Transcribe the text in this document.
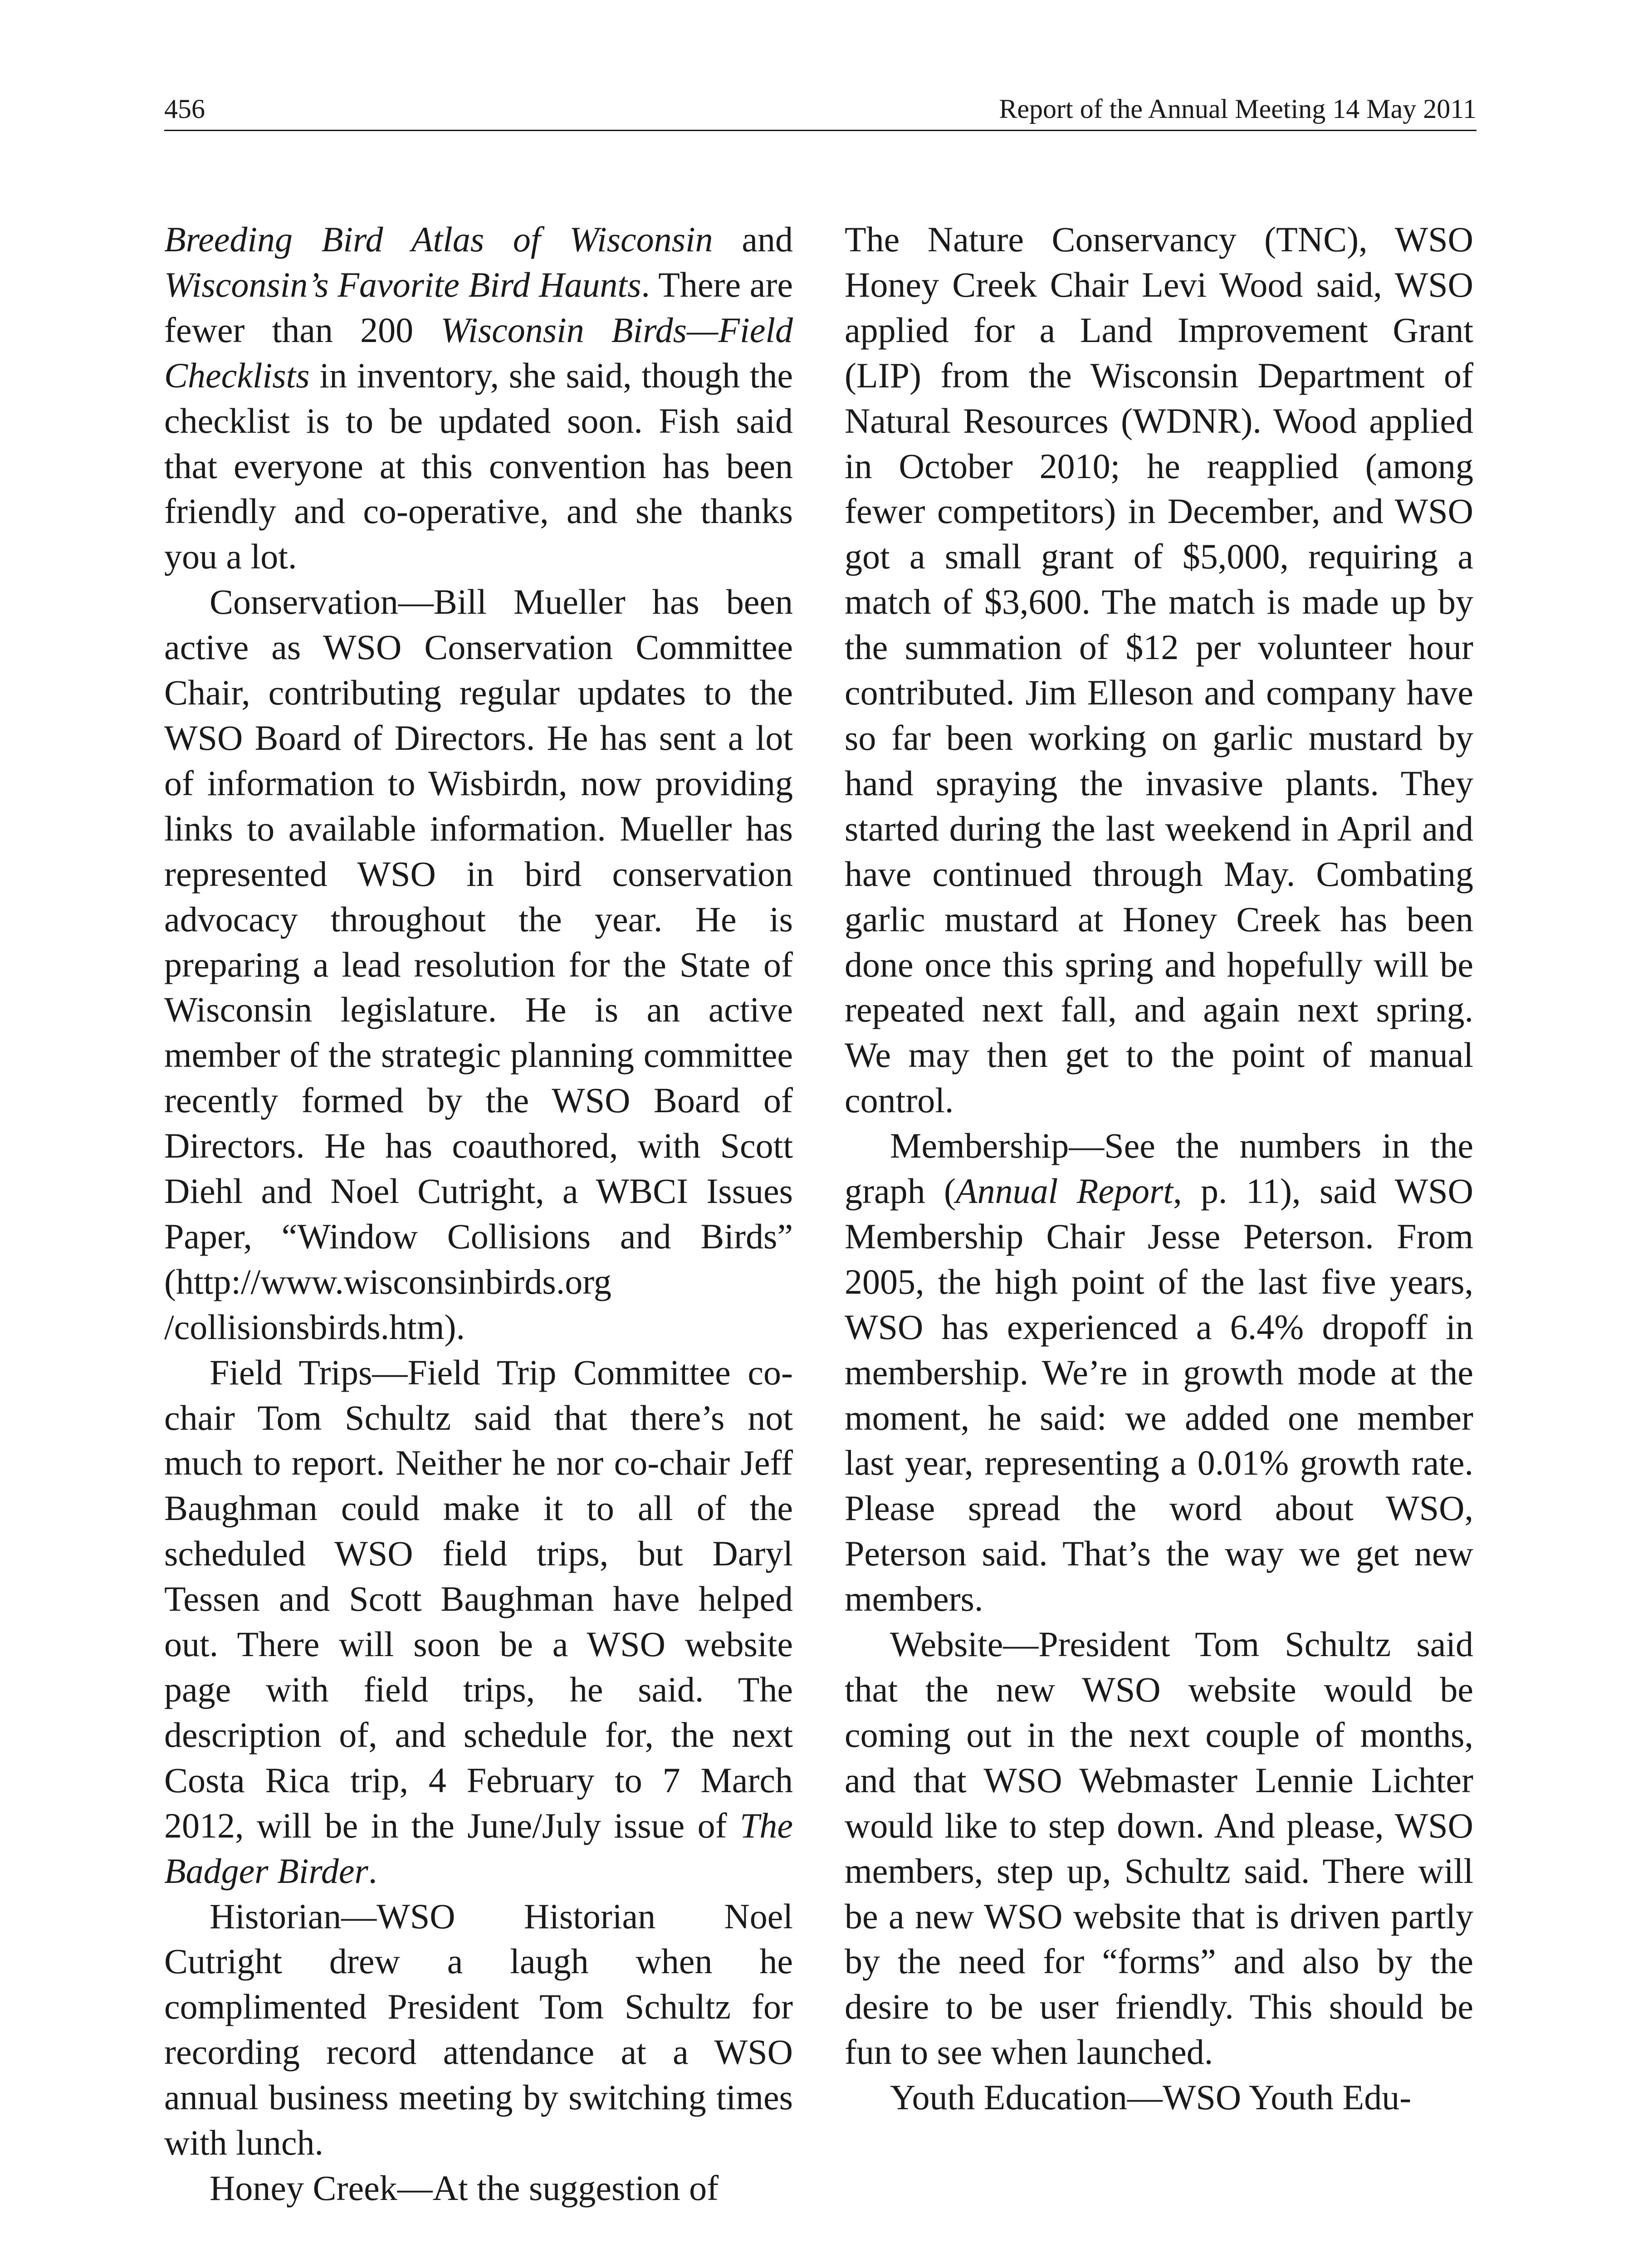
456	Report of the Annual Meeting 14 May 2011

Breeding Bird Atlas of Wisconsin and Wisconsin’s Favorite Bird Haunts. There are fewer than 200 Wisconsin Birds—Field Checklists in inventory, she said, though the checklist is to be updated soon. Fish said that everyone at this convention has been friendly and co-operative, and she thanks you a lot.

Conservation—Bill Mueller has been active as WSO Conservation Committee Chair, contributing regular updates to the WSO Board of Directors. He has sent a lot of information to Wisbirdn, now providing links to available information. Mueller has represented WSO in bird conservation advocacy throughout the year. He is preparing a lead resolution for the State of Wisconsin legislature. He is an active member of the strategic planning committee recently formed by the WSO Board of Directors. He has coauthored, with Scott Diehl and Noel Cutright, a WBCI Issues Paper, “Window Collisions and Birds” (http://www.wisconsinbirds.org /collisionsbirds.htm).

Field Trips—Field Trip Committee co-chair Tom Schultz said that there’s not much to report. Neither he nor co-chair Jeff Baughman could make it to all of the scheduled WSO field trips, but Daryl Tessen and Scott Baughman have helped out. There will soon be a WSO website page with field trips, he said. The description of, and schedule for, the next Costa Rica trip, 4 February to 7 March 2012, will be in the June/July issue of The Badger Birder.

Historian—WSO Historian Noel Cutright drew a laugh when he complimented President Tom Schultz for recording record attendance at a WSO annual business meeting by switching times with lunch.

Honey Creek—At the suggestion of

The Nature Conservancy (TNC), WSO Honey Creek Chair Levi Wood said, WSO applied for a Land Improvement Grant (LIP) from the Wisconsin Department of Natural Resources (WDNR). Wood applied in October 2010; he reapplied (among fewer competitors) in December, and WSO got a small grant of $5,000, requiring a match of $3,600. The match is made up by the summation of $12 per volunteer hour contributed. Jim Elleson and company have so far been working on garlic mustard by hand spraying the invasive plants. They started during the last weekend in April and have continued through May. Combating garlic mustard at Honey Creek has been done once this spring and hopefully will be repeated next fall, and again next spring. We may then get to the point of manual control.

Membership—See the numbers in the graph (Annual Report, p. 11), said WSO Membership Chair Jesse Peterson. From 2005, the high point of the last five years, WSO has experienced a 6.4% dropoff in membership. We’re in growth mode at the moment, he said: we added one member last year, representing a 0.01% growth rate. Please spread the word about WSO, Peterson said. That’s the way we get new members.

Website—President Tom Schultz said that the new WSO website would be coming out in the next couple of months, and that WSO Webmaster Lennie Lichter would like to step down. And please, WSO members, step up, Schultz said. There will be a new WSO website that is driven partly by the need for “forms” and also by the desire to be user friendly. This should be fun to see when launched.

Youth Education—WSO Youth Edu-
